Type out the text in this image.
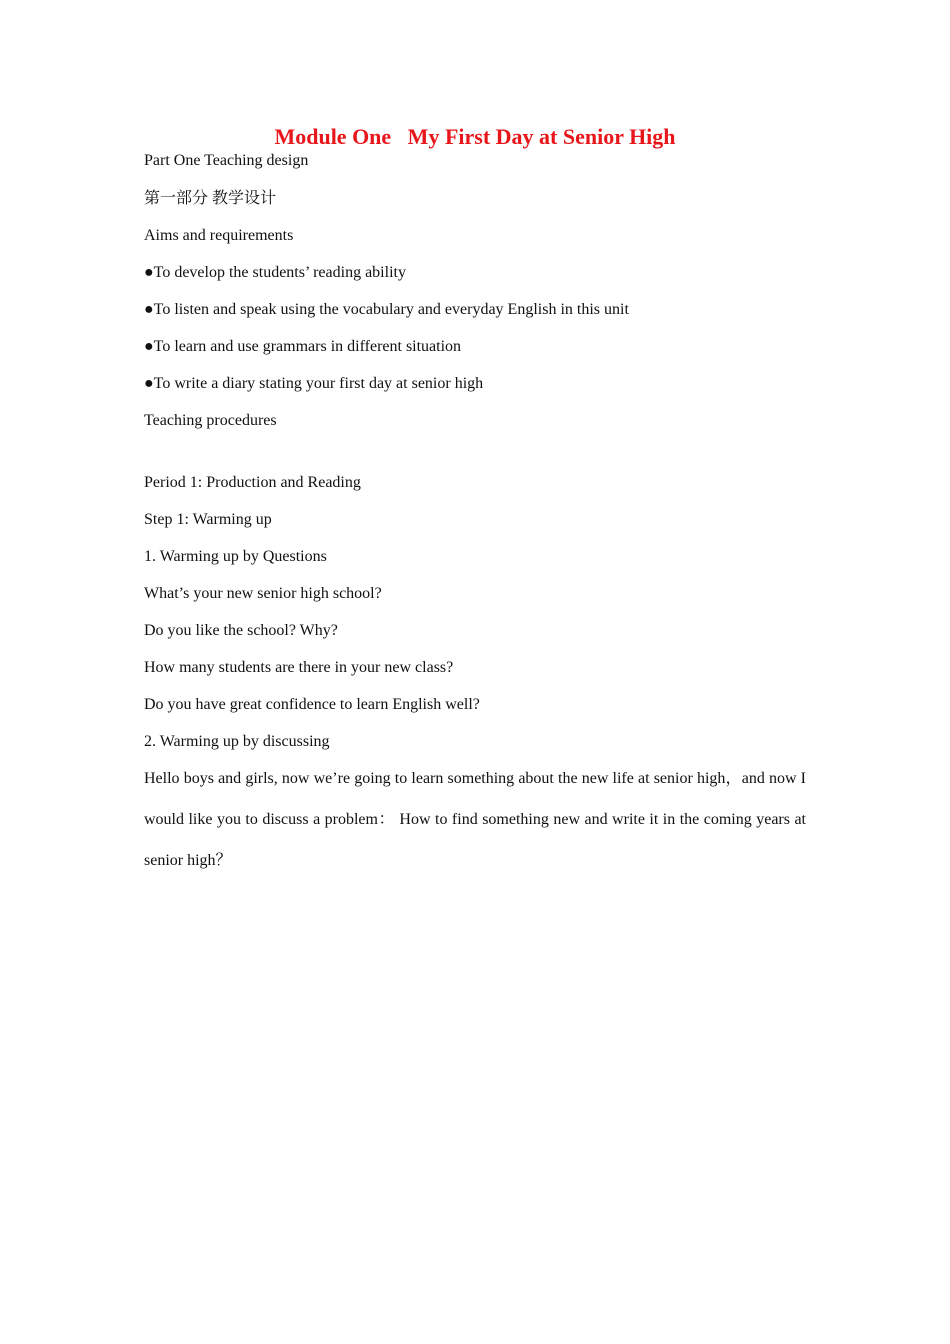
Module One   My First Day at Senior High

Part One Teaching design

第一部分 教学设计

Aims and requirements

●To develop the students’ reading ability

●To listen and speak using the vocabulary and everyday English in this unit

●To learn and use grammars in different situation

●To write a diary stating your first day at senior high

Teaching procedures

Period 1: Production and Reading

Step 1: Warming up

1. Warming up by Questions

What’s your new senior high school?

Do you like the school? Why?

How many students are there in your new class?

Do you have great confidence to learn English well?

2. Warming up by discussing

Hello boys and girls, now we’re going to learn something about the new life at senior high，and now I would like you to discuss a problem： How to find something new and write it in the coming years at senior high？
